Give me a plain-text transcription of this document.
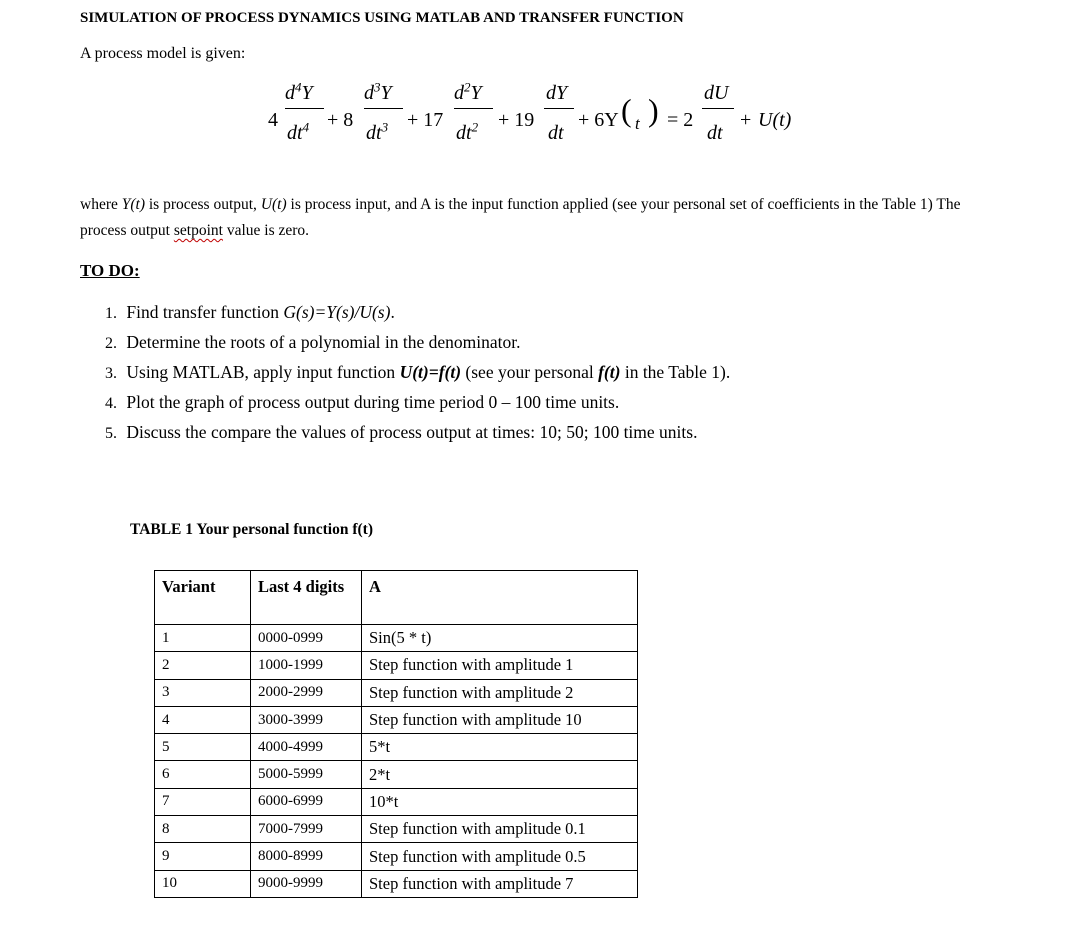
SIMULATION OF PROCESS DYNAMICS USING MATLAB AND TRANSFER FUNCTION
A process model is given:
4
$d^4Y$
$dt^4 + 8$
$d^3Y$
$dt^3 + 17$
$d^2Y$
$dt^2 + 19$
dY
dt
+ 6Y ( t ) = 2
dU
dt
+ U(t)
where Y(t) is process output, U(t) is process input, and A is the input function applied (see your personal set of coefficients in the Table 1) The process output setpoint value is zero.
TO DO:
1. Find transfer function G(s)=Y(s)/U(s).
2. Determine the roots of a polynomial in the denominator.
3. Using MATLAB, apply input function U(t)=f(t) (see your personal f(t) in the Table 1).
4. Plot the graph of process output during time period 0 – 100 time units.
5. Discuss the compare the values of process output at times: 10; 50; 100 time units.
TABLE 1 Your personal function f(t)
Variant	Last 4 digits	A
1	0000-0999	Sin(5 * t)
2	1000-1999	Step function with amplitude 1
3	2000-2999	Step function with amplitude 2
4	3000-3999	Step function with amplitude 10
5	4000-4999	5*t
6	5000-5999	2*t
7	6000-6999	10*t
8	7000-7999	Step function with amplitude 0.1
9	8000-8999	Step function with amplitude 0.5
10	9000-9999	Step function with amplitude 7
